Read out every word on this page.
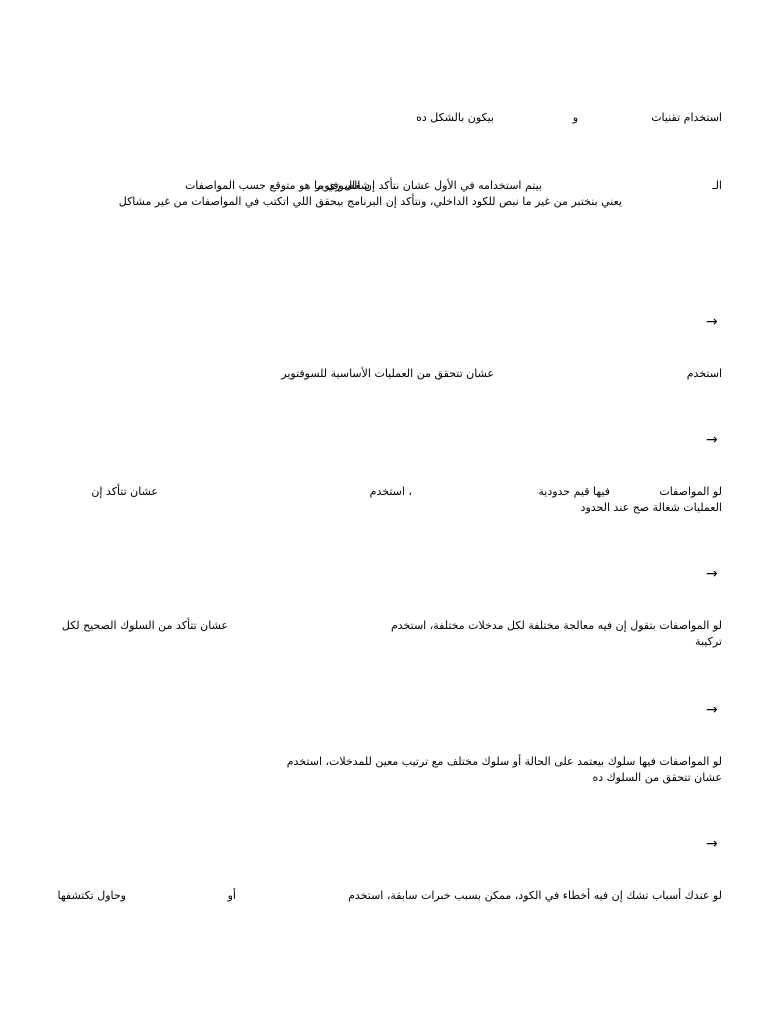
استخدام تقنيات
و
بيكون بالشكل ده
الـ
بيتم استخدامه في الأول عشان نتأكد إن السوفتوير
شغال زي ما هو متوقع حسب المواصفات
يعني بنختبر من غير ما نبص للكود الداخلي، ونتأكد إن البرنامج بيحقق اللي اتكتب في المواصفات من غير مشاكل
→
استخدم
عشان تتحقق من العمليات الأساسية للسوفتوير
→
لو المواصفات
فيها قيم حدودية
، استخدم
عشان تتأكد إن
العمليات شغالة صح عند الحدود
→
لو المواصفات بتقول إن فيه معالجة مختلفة لكل مدخلات مختلفة، استخدم
عشان تتأكد من السلوك الصحيح لكل
تركيبة
→
لو المواصفات فيها سلوك بيعتمد على الحالة أو سلوك مختلف مع ترتيب معين للمدخلات، استخدم
عشان تتحقق من السلوك ده
→
لو عندك أسباب تشك إن فيه أخطاء في الكود، ممكن بسبب خبرات سابقة، استخدم
أو
وحاول تكتشفها
